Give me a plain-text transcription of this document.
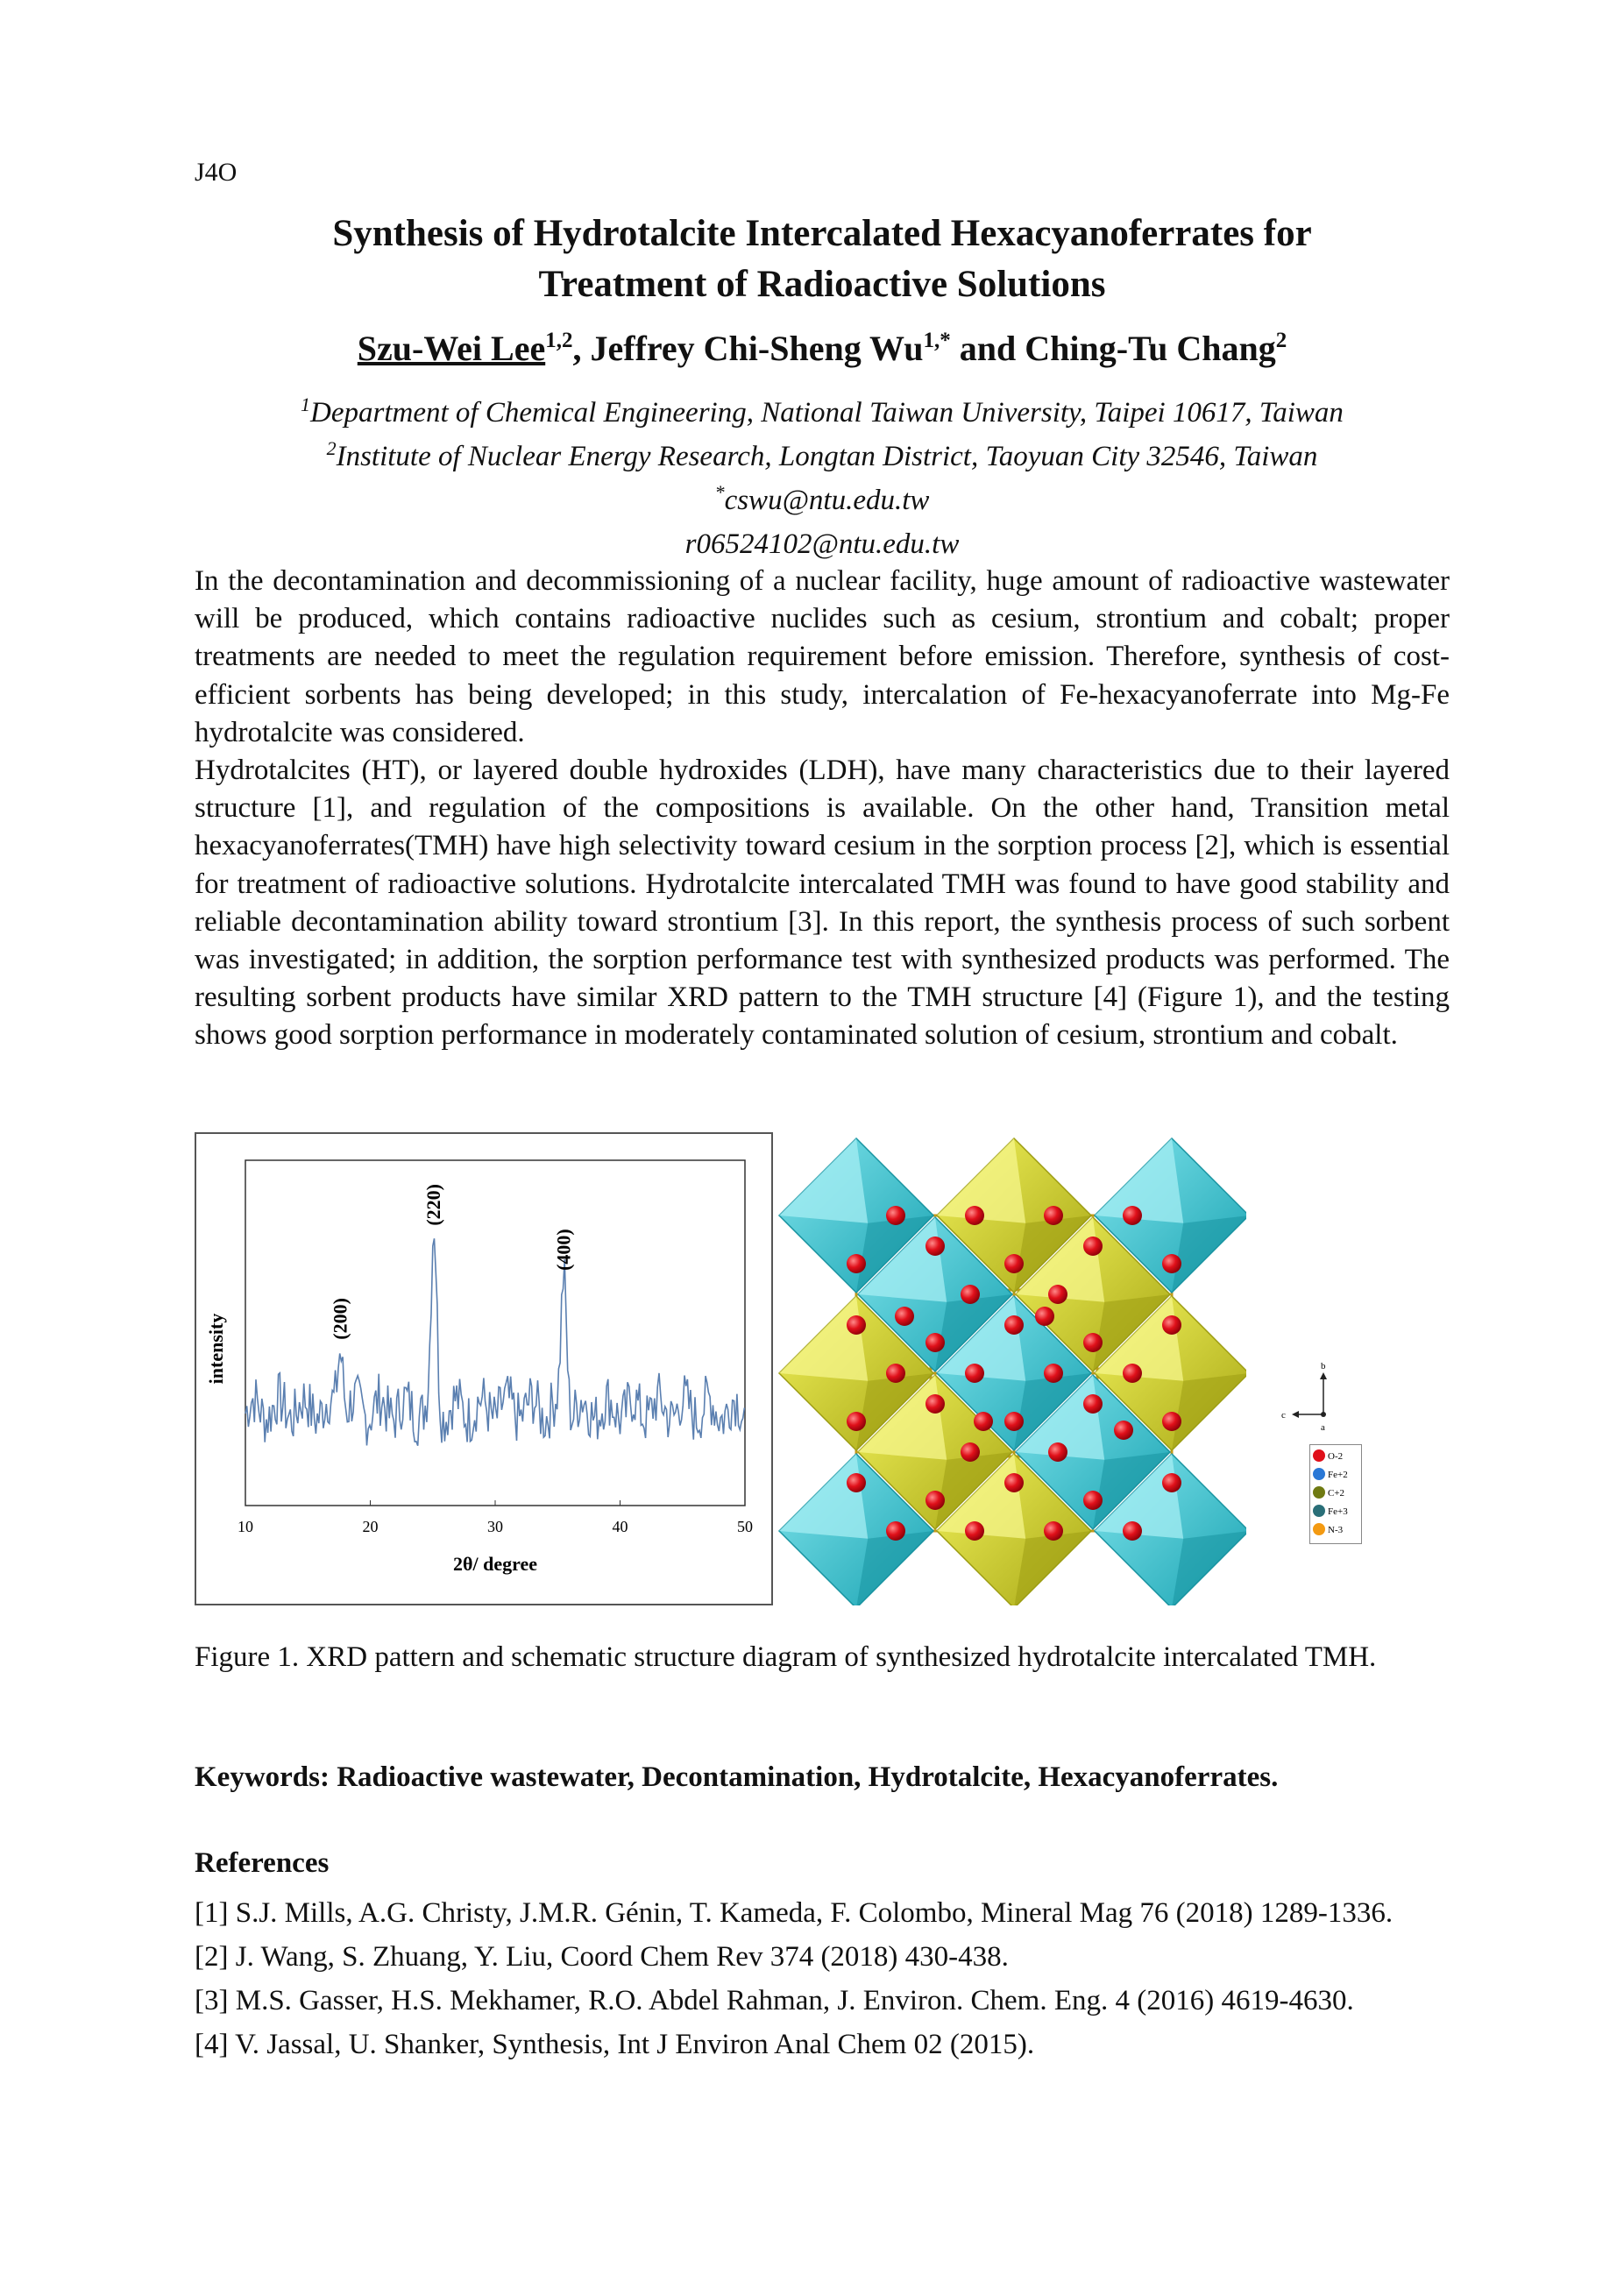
J4O
Synthesis of Hydrotalcite Intercalated Hexacyanoferrates for
Treatment of Radioactive Solutions
Szu-Wei Lee$^{1,2}$, Jeffrey Chi-Sheng $Wu^{1,*}$ and Ching-Tu Chang$^2$
$^1$Department of Chemical Engineering, National Taiwan University, Taipei 10617, Taiwan
$^2$Institute of Nuclear Energy Research, Longtan District, Taoyuan City 32546, Taiwan
*cswu@ntu.edu.tw
r06524102@ntu.edu.tw

In the decontamination and decommissioning of a nuclear facility, huge amount of radioactive wastewater will be produced, which contains radioactive nuclides such as cesium, strontium and cobalt; proper treatments are needed to meet the regulation requirement before emission. Therefore, synthesis of cost-efficient sorbents has being developed; in this study, intercalation of Fe-hexacyanoferrate into Mg-Fe hydrotalcite was considered.

Hydrotalcites (HT), or layered double hydroxides (LDH), have many characteristics due to their layered structure [1], and regulation of the compositions is available. On the other hand, Transition metal hexacyanoferrates(TMH) have high selectivity toward cesium in the sorption process [2], which is essential for treatment of radioactive solutions. Hydrotalcite intercalated TMH was found to have good stability and reliable decontamination ability toward strontium [3]. In this report, the synthesis process of such sorbent was investigated; in addition, the sorption performance test with synthesized products was performed. The resulting sorbent products have similar XRD pattern to the TMH structure [4] (Figure 1), and the testing shows good sorption performance in moderately contaminated solution of cesium, strontium and cobalt.

10	20	30	40	50
(200)
(220)
(400)
2θ/ degree
intensity	b
c
a
O-2
Fe+2
C+2
Fe+3
N-3
Figure 1. XRD pattern and schematic structure diagram of synthesized hydrotalcite intercalated TMH.
Keywords: Radioactive wastewater, Decontamination, Hydrotalcite, Hexacyanoferrates.
References
[1] S.J. Mills, A.G. Christy, J.M.R. Génin, T. Kameda, F. Colombo, Mineral Mag 76 (2018) 1289-1336.
[2] J. Wang, S. Zhuang, Y. Liu, Coord Chem Rev 374 (2018) 430-438.
[3] M.S. Gasser, H.S. Mekhamer, R.O. Abdel Rahman, J. Environ. Chem. Eng. 4 (2016) 4619-4630.
[4] V. Jassal, U. Shanker, Synthesis, Int J Environ Anal Chem 02 (2015).
